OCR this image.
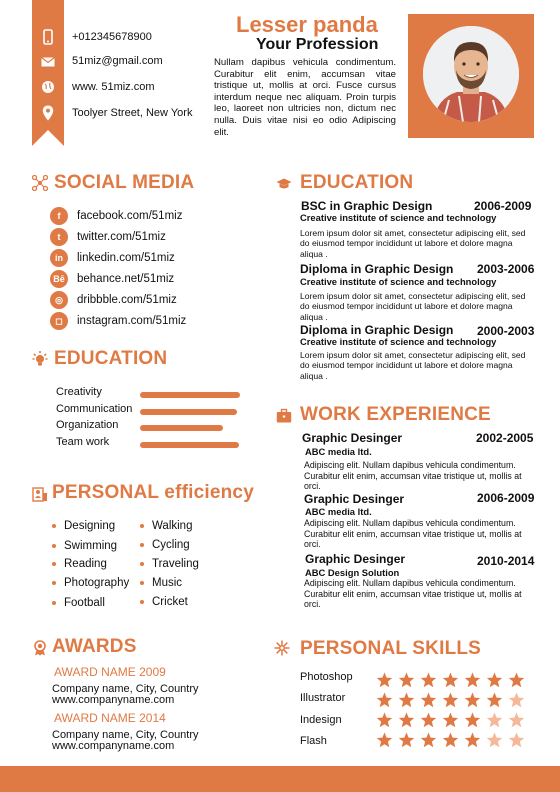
+012345678900
51miz@gmail.com
www. 51miz.com
Toolyer Street, New York
Lesser panda
Your Profession
Nullam dapibus vehicula condimentum. Curabitur elit enim, accumsan vitae tristique ut, mollis at orci. Fusce cursus interdum neque nec aliquam. Proin turpis leo, laoreet non ultricies non, dictum nec nulla. Duis vitae nisi eo odio Adipiscing elit.
SOCIAL MEDIA
f	facebook.com/51miz
t	twitter.com/51miz
in	linkedin.com/51miz
Bē behance.net/51miz
◎	dribbble.com/51miz
◻	instagram.com/51miz
EDUCATION
Creativity
Communication
Organization
Team work
PERSONAL efficiency
Designing
Swimming
Reading
Photography
Football
Walking
Cycling
Traveling
Music
Cricket
AWARDS
AWARD NAME 2009
Company name, City, Country
www.companyname.com
AWARD NAME 2014
Company name, City, Country
www.companyname.com
EDUCATION
BSC in Graphic Design	2006-2009
Creative institute of science and technology
Lorem ipsum dolor sit amet, consectetur adipiscing elit, sed do eiusmod tempor incididunt ut labore et dolore magna aliqua .
Diploma in Graphic Design 2003-2006
Creative institute of science and technology
Lorem ipsum dolor sit amet, consectetur adipiscing elit, sed do eiusmod tempor incididunt ut labore et dolore magna aliqua .
Diploma in Graphic Design 2000-2003
Creative institute of science and technology
Lorem ipsum dolor sit amet, consectetur adipiscing elit, sed do eiusmod tempor incididunt ut labore et dolore magna aliqua .
WORK EXPERIENCE
Graphic Desinger	2002-2005
ABC media ltd.
Adipiscing elit. Nullam dapibus vehicula condimentum. Curabitur elit enim, accumsan vitae tristique ut, mollis at orci.
Graphic Desinger	2006-2009
ABC media ltd.
Adipiscing elit. Nullam dapibus vehicula condimentum. Curabitur elit enim, accumsan vitae tristique ut, mollis at orci.
Graphic Desinger	2010-2014
ABC Design Solution
Adipiscing elit. Nullam dapibus vehicula condimentum. Curabitur elit enim, accumsan vitae tristique ut, mollis at orci.
PERSONAL SKILLS
Photoshop
Illustrator
Indesign
Flash
